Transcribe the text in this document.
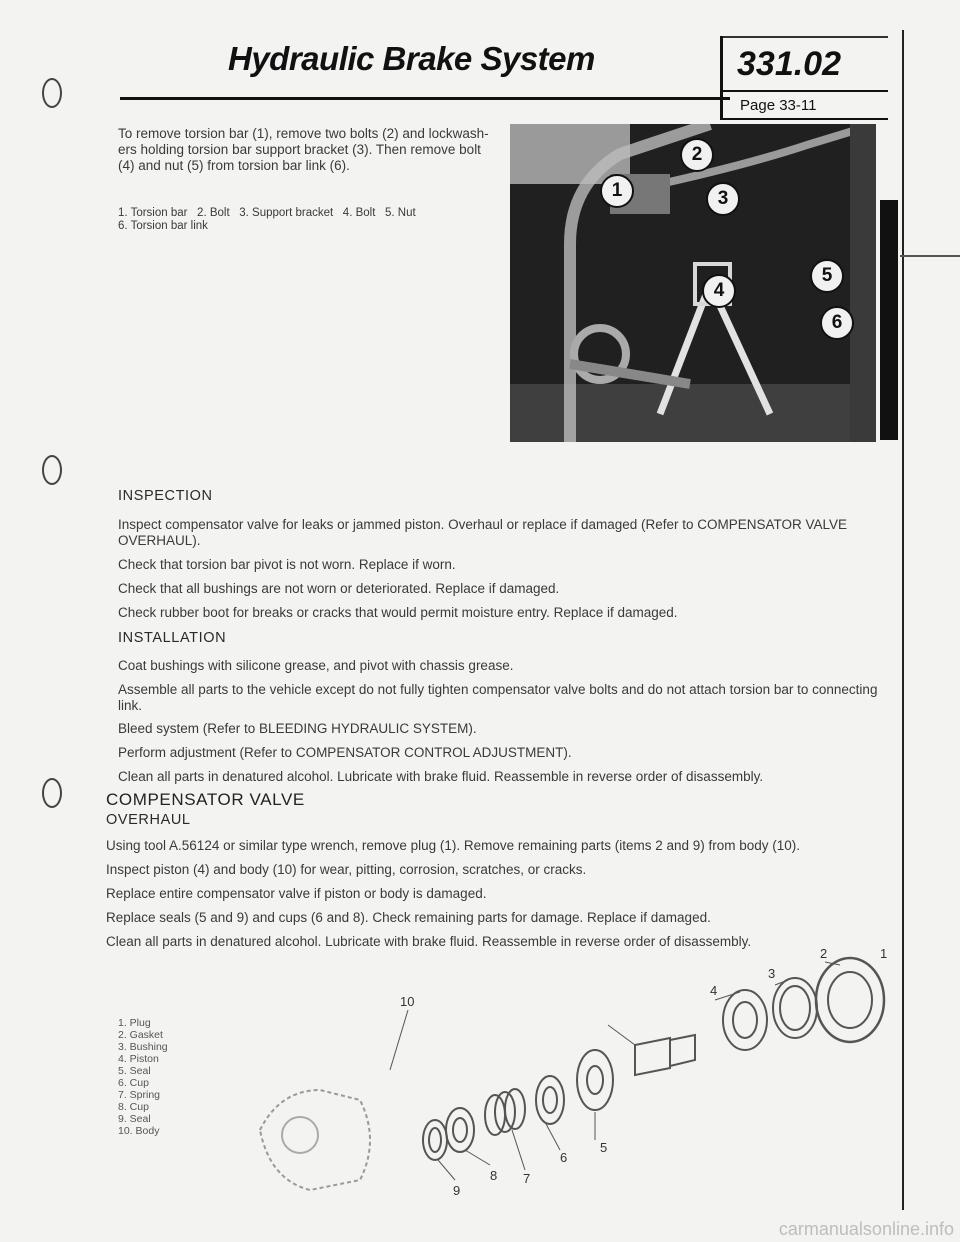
Hydraulic Brake System	331.02
Page 33-11
To remove torsion bar (1), remove two bolts (2) and lockwash-ers holding torsion bar support bracket (3). Then remove bolt (4) and nut (5) from torsion bar link (6).
1. Torsion bar   2. Bolt   3. Support bracket   4. Bolt   5. Nut
6. Torsion bar link
2
1	3
5
4
6
INSPECTION
Inspect compensator valve for leaks or jammed piston. Overhaul or replace if damaged (Refer to COMPENSATOR VALVE OVERHAUL).
Check that torsion bar pivot is not worn. Replace if worn.
Check that all bushings are not worn or deteriorated. Replace if damaged.
Check rubber boot for breaks or cracks that would permit moisture entry. Replace if damaged.
INSTALLATION
Coat bushings with silicone grease, and pivot with chassis grease.
Assemble all parts to the vehicle except do not fully tighten compensator valve bolts and do not attach torsion bar to connecting link.
Bleed system (Refer to BLEEDING HYDRAULIC SYSTEM).
Perform adjustment (Refer to COMPENSATOR CONTROL ADJUSTMENT).
Clean all parts in denatured alcohol. Lubricate with brake fluid. Reassemble in reverse order of disassembly.
COMPENSATOR VALVE
OVERHAUL
Using tool A.56124 or similar type wrench, remove plug (1). Remove remaining parts (items 2 and 9) from body (10).
Inspect piston (4) and body (10) for wear, pitting, corrosion, scratches, or cracks.
Replace entire compensator valve if piston or body is damaged.
Replace seals (5 and 9) and cups (6 and 8). Check remaining parts for damage. Replace if damaged.
Clean all parts in denatured alcohol. Lubricate with brake fluid. Reassemble in reverse order of disassembly.
1. Plug
2. Gasket
3. Bushing
4. Piston
5. Seal
6. Cup
7. Spring
8. Cup
9. Seal
10. Body
1
2
3
4
5
6
7
8
9
10
carmanualsonline.info
